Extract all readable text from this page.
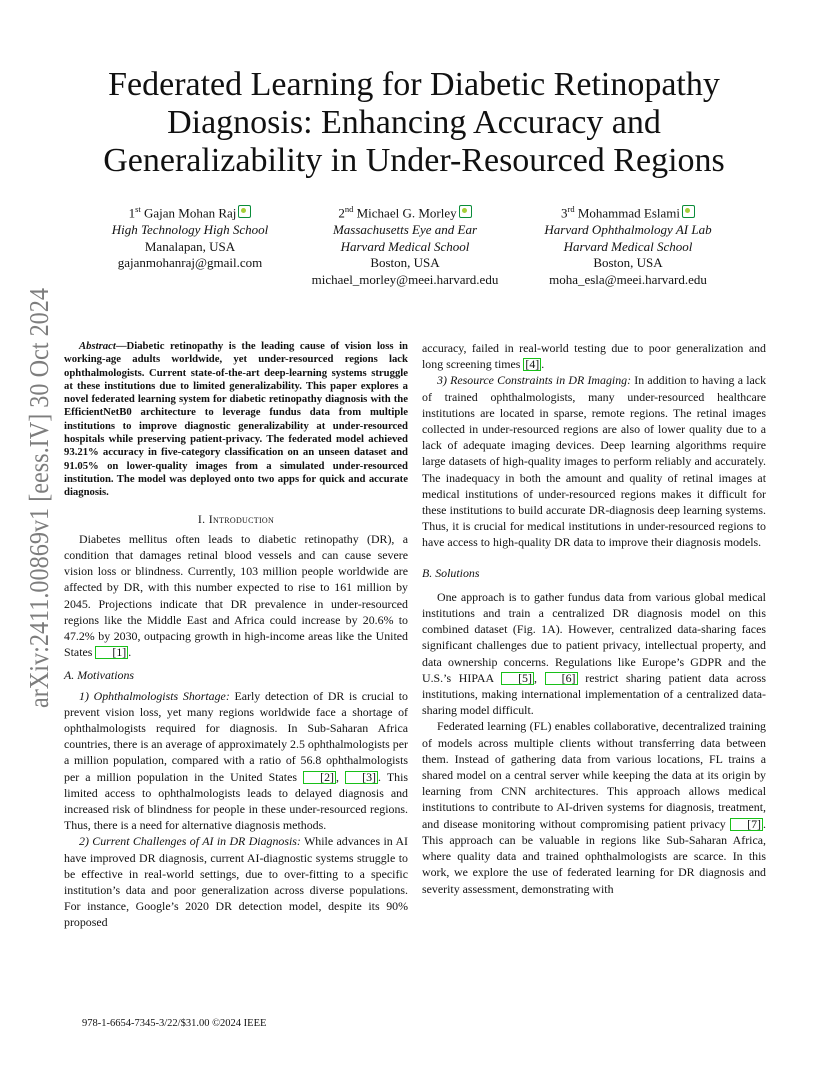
arXiv:2411.00869v1 [eess.IV] 30 Oct 2024
Federated Learning for Diabetic Retinopathy
Diagnosis: Enhancing Accuracy and
Generalizability in Under-Resourced Regions
1st Gajan Mohan Raj
High Technology High School
Manalapan, USA
gajanmohanraj@gmail.com
2nd Michael G. Morley
Massachusetts Eye and Ear
Harvard Medical School
Boston, USA
michael_morley@meei.harvard.edu
3rd Mohammad Eslami
Harvard Ophthalmology AI Lab
Harvard Medical School
Boston, USA
moha_esla@meei.harvard.edu

Abstract—Diabetic retinopathy is the leading cause of vision loss in working-age adults worldwide, yet under-resourced regions lack ophthalmologists. Current state-of-the-art deep-learning systems struggle at these institutions due to limited generalizability. This paper explores a novel federated learning system for diabetic retinopathy diagnosis with the EfficientNetB0 architecture to leverage fundus data from multiple institutions to improve diagnostic generalizability at under-resourced hospitals while preserving patient-privacy. The federated model achieved 93.21% accuracy in five-category classification on an unseen dataset and 91.05% on lower-quality images from a simulated under-resourced institution. The model was deployed onto two apps for quick and accurate diagnosis.

I. Introduction

Diabetes mellitus often leads to diabetic retinopathy (DR), a condition that damages retinal blood vessels and can cause severe vision loss or blindness. Currently, 103 million people worldwide are affected by DR, with this number expected to rise to 161 million by 2045. Projections indicate that DR prevalence in under-resourced regions like the Middle East and Africa could increase by 20.6% to 47.2% by 2030, outpacing growth in high-income areas like the United States [1] .

A. Motivations

1) Ophthalmologists Shortage: Early detection of DR is crucial to prevent vision loss, yet many regions worldwide face a shortage of ophthalmologists required for diagnosis. In Sub-Saharan Africa countries, there is an average of approximately 2.5 ophthalmologists per a million population, compared with a ratio of 56.8 ophthalmologists per a million population in the United States [2] , [3] . This limited access to ophthalmologists leads to delayed diagnosis and increased risk of blindness for people in these under-resourced regions. Thus, there is a need for alternative diagnosis methods.

2) Current Challenges of AI in DR Diagnosis: While advances in AI have improved DR diagnosis, current AI-diagnostic systems struggle to be effective in real-world settings, due to over-fitting to a specific institution’s data and poor generalization across diverse populations. For instance, Google’s 2020 DR detection model, despite its 90% proposed

accuracy, failed in real-world testing due to poor generalization and long screening times [4] .

3) Resource Constraints in DR Imaging: In addition to having a lack of trained ophthalmologists, many under-resourced healthcare institutions are located in sparse, remote regions. The retinal images collected in under-resourced regions are also of lower quality due to a lack of adequate imaging devices. Deep learning algorithms require large datasets of high-quality images to perform reliably and accurately. The inadequacy in both the amount and quality of retinal images at medical institutions of under-resourced regions makes it difficult for these institutions to build accurate DR-diagnosis deep learning systems. Thus, it is crucial for medical institutions in under-resourced regions to have access to high-quality DR data to improve their diagnosis models.

B. Solutions

One approach is to gather fundus data from various global medical institutions and train a centralized DR diagnosis model on this combined dataset (Fig. 1A). However, centralized data-sharing faces significant challenges due to patient privacy, intellectual property, and data ownership concerns. Regulations like Europe’s GDPR and the U.S.’s HIPAA [5] , [6] restrict sharing patient data across institutions, making international implementation of a centralized data-sharing model difficult.

Federated learning (FL) enables collaborative, decentralized training of models across multiple clients without transferring data between them. Instead of gathering data from various locations, FL trains a shared model on a central server while keeping the data at its origin by learning from CNN architectures. This approach allows medical institutions to contribute to AI-driven systems for diagnosis, treatment, and disease monitoring without compromising patient privacy [7] . This approach can be valuable in regions like Sub-Saharan Africa, where quality data and trained ophthalmologists are scarce. In this work, we explore the use of federated learning for DR diagnosis and severity assessment, demonstrating with

978-1-6654-7345-3/22/$31.00 ©2024 IEEE
